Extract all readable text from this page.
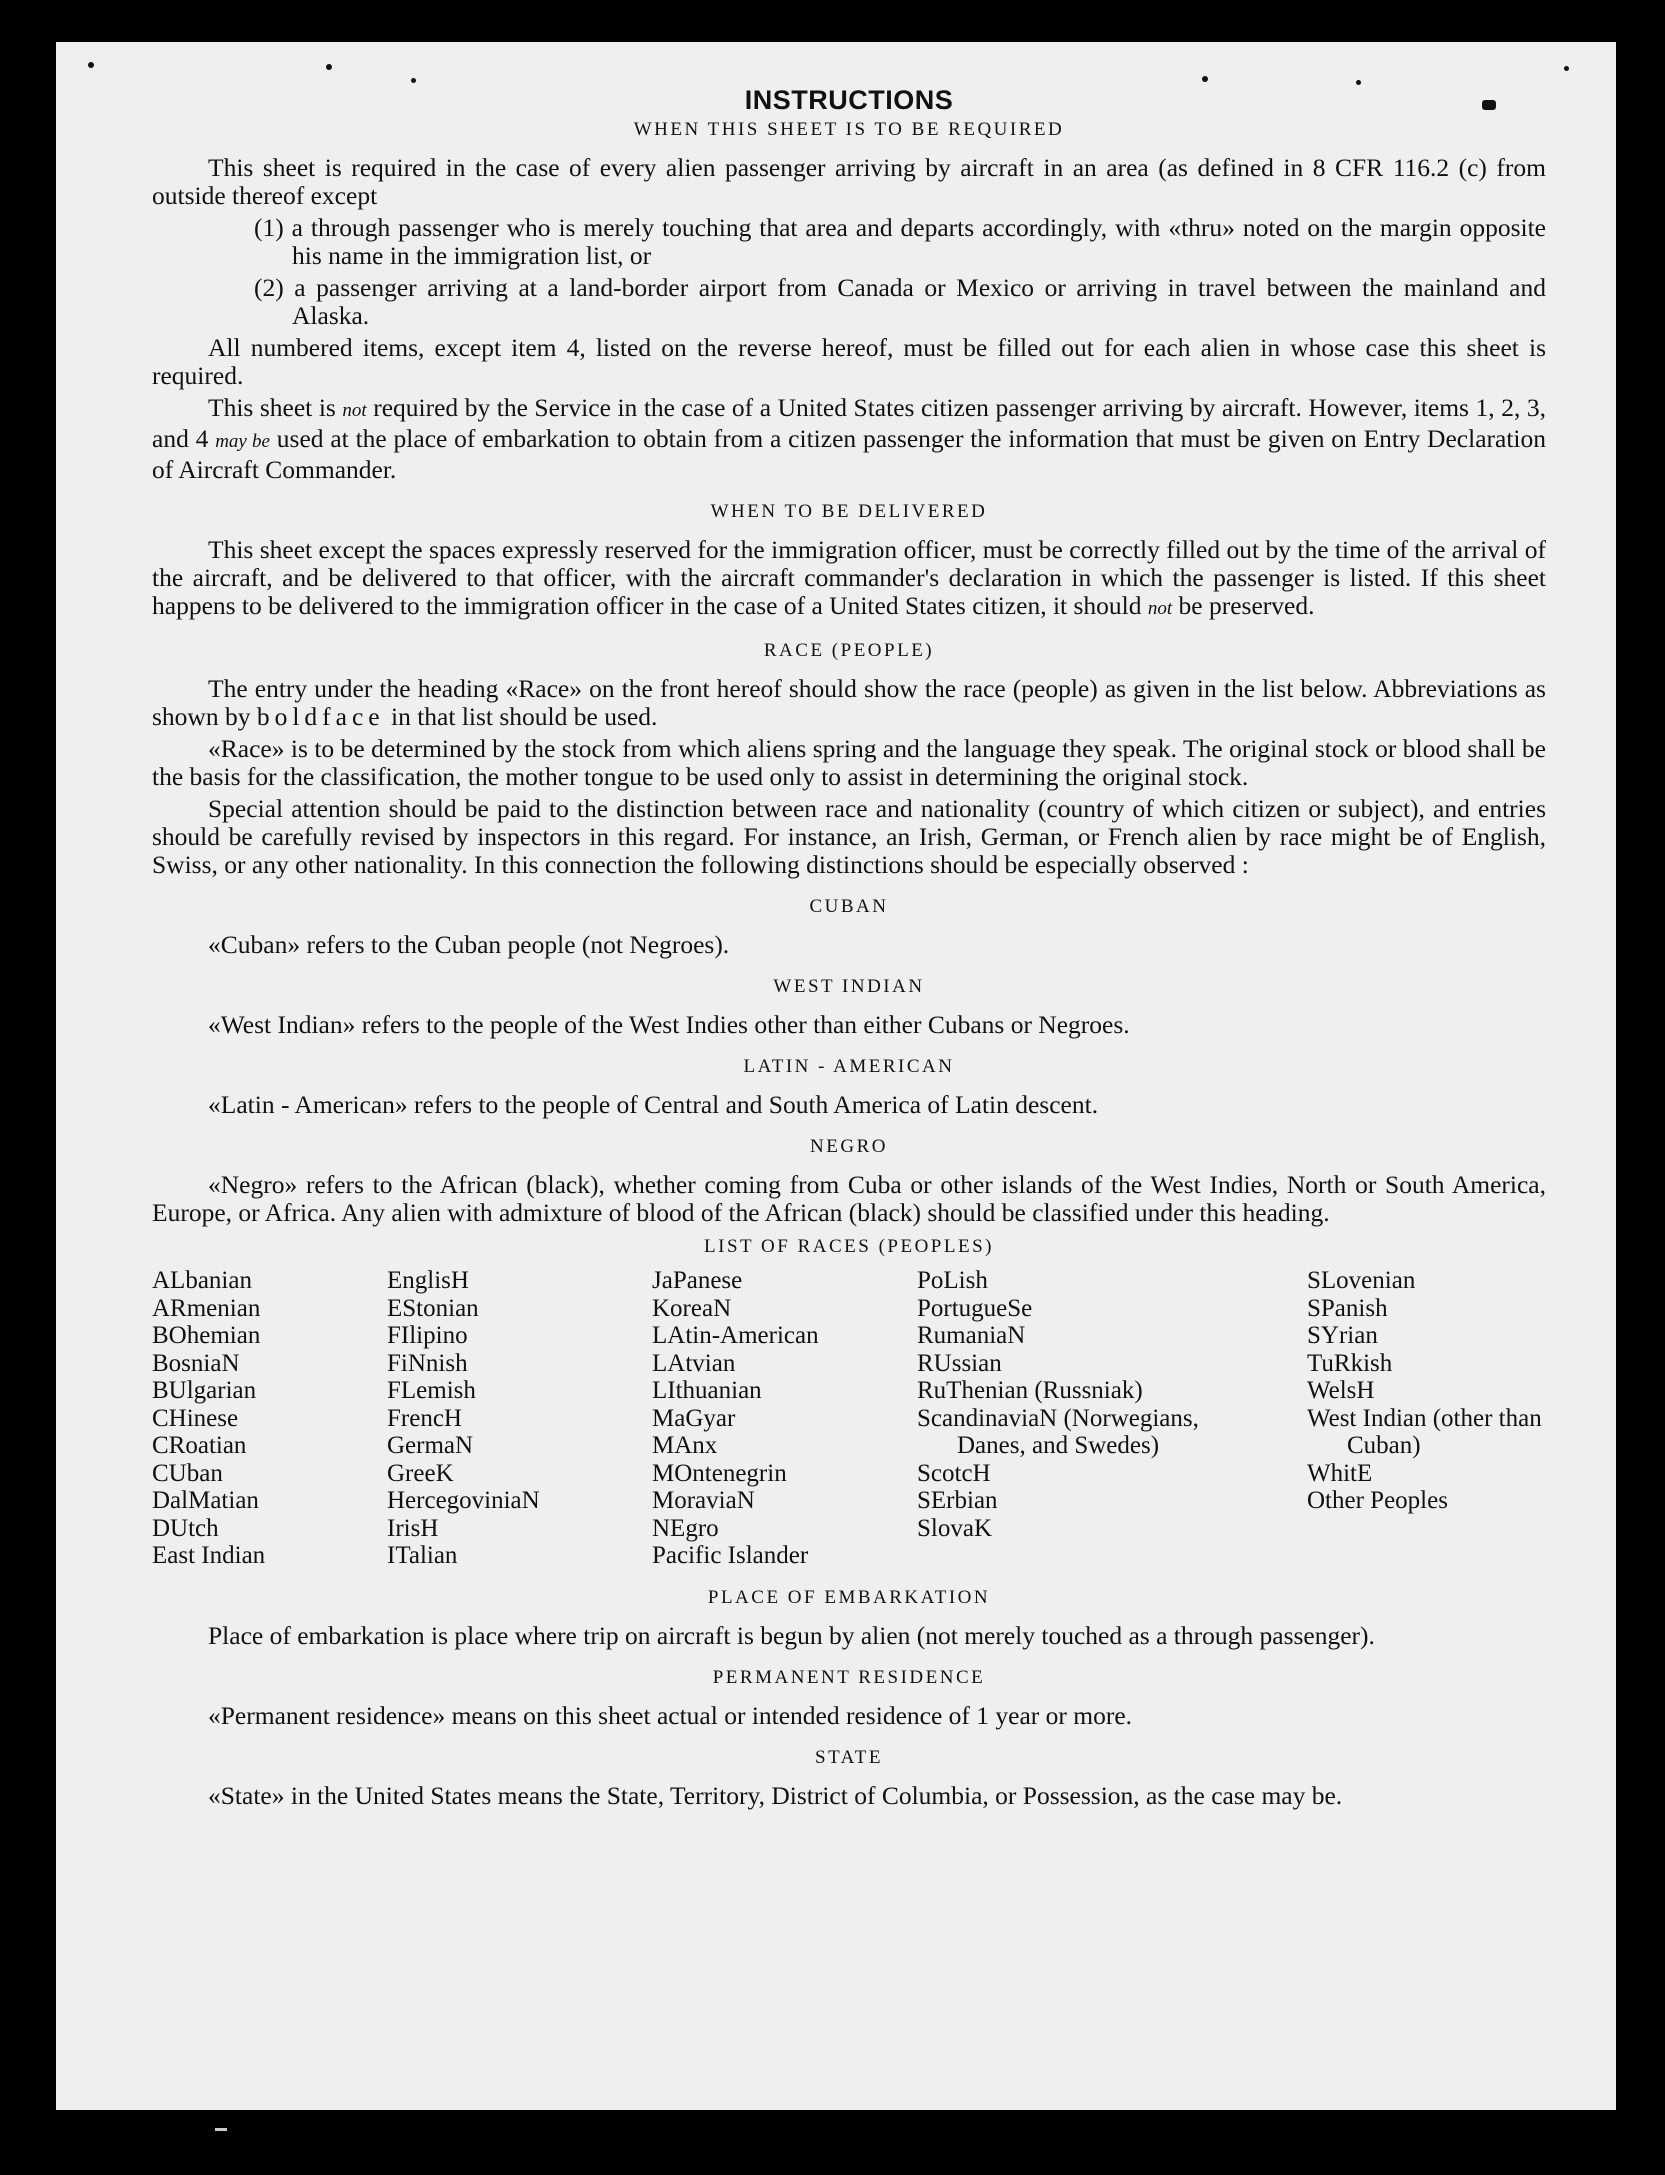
INSTRUCTIONS
WHEN THIS SHEET IS TO BE REQUIRED

This sheet is required in the case of every alien passenger arriving by aircraft in an area (as defined in 8 CFR 116.2 (c) from outside thereof except

(1) a through passenger who is merely touching that area and departs accordingly, with «thru» noted on the margin opposite his name in the immigration list, or

(2) a passenger arriving at a land-border airport from Canada or Mexico or arriving in travel between the mainland and Alaska.

All numbered items, except item 4, listed on the reverse hereof, must be filled out for each alien in whose case this sheet is required.

This sheet is not required by the Service in the case of a United States citizen passenger arriving by aircraft. However, items 1, 2, 3, and 4 may be used at the place of embarkation to obtain from a citizen passenger the information that must be given on Entry Declaration of Aircraft Commander.

WHEN TO BE DELIVERED

This sheet except the spaces expressly reserved for the immigration officer, must be correctly filled out by the time of the arrival of the aircraft, and be delivered to that officer, with the aircraft commander's declaration in which the passenger is listed. If this sheet happens to be delivered to the immigration officer in the case of a United States citizen, it should not be preserved.

RACE (PEOPLE)

The entry under the heading «Race» on the front hereof should show the race (people) as given in the list below. Abbreviations as shown by boldface in that list should be used.

«Race» is to be determined by the stock from which aliens spring and the language they speak. The original stock or blood shall be the basis for the classification, the mother tongue to be used only to assist in determining the original stock.

Special attention should be paid to the distinction between race and nationality (country of which citizen or subject), and entries should be carefully revised by inspectors in this regard. For instance, an Irish, German, or French alien by race might be of English, Swiss, or any other nationality. In this connection the following distinctions should be especially observed :

CUBAN

«Cuban» refers to the Cuban people (not Negroes).

WEST INDIAN

«West Indian» refers to the people of the West Indies other than either Cubans or Negroes.

LATIN - AMERICAN

«Latin - American» refers to the people of Central and South America of Latin descent.

NEGRO

«Negro» refers to the African (black), whether coming from Cuba or other islands of the West Indies, North or South America, Europe, or Africa. Any alien with admixture of blood of the African (black) should be classified under this heading.

LIST OF RACES (PEOPLES)
ALbanian
ARmenian
BOhemian
BosniaN
BUlgarian
CHinese
CRoatian
CUban
DalMatian
DUtch
East Indian
EnglisH
EStonian
FIlipino
FiNnish
FLemish
FrencH
GermaN
GreeK
HercegoviniaN
IrisH
ITalian
JaPanese
KoreaN
LAtin-American
LAtvian
LIthuanian
MaGyar
MAnx
MOntenegrin
MoraviaN
NEgro
Pacific Islander
PoLish
PortugueSe
RumaniaN
RUssian
RuThenian (Russniak)
ScandinaviaN (Norwegians, Danes, and Swedes)
ScotcH
SErbian
SlovaK
SLovenian
SPanish
SYrian
TuRkish
WelsH
West Indian (other than Cuban)
WhitE
Other Peoples
PLACE OF EMBARKATION

Place of embarkation is place where trip on aircraft is begun by alien (not merely touched as a through passenger).

PERMANENT RESIDENCE

«Permanent residence» means on this sheet actual or intended residence of 1 year or more.

STATE

«State» in the United States means the State, Territory, District of Columbia, or Possession, as the case may be.
